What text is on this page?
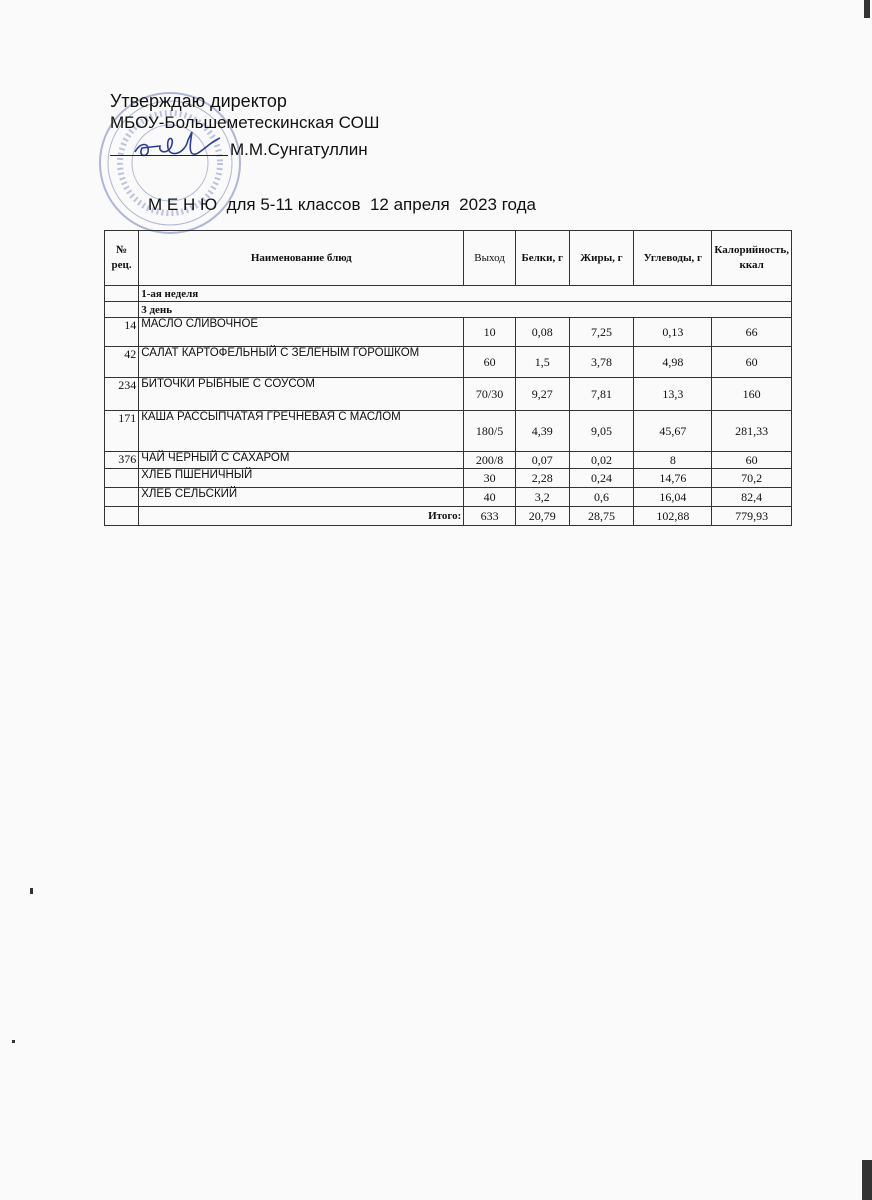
Утверждаю директор
МБОУ-Большеметескинская СОШ
М.М.Сунгатуллин
М Е Н Ю  для 5-11 классов  12 апреля  2023 года
№ рец.	Наименование блюд	Выход	Белки, г	Жиры, г	Углеводы, г	Калорийность, ккал
	1-ая неделя					
	3 день					
14	МАСЛО СЛИВОЧНОЕ	10	0,08	7,25	0,13	66
42	САЛАТ КАРТОФЕЛЬНЫЙ С ЗЕЛЕНЫМ ГОРОШКОМ	60	1,5	3,78	4,98	60
234	БИТОЧКИ РЫБНЫЕ С СОУСОМ	70/30	9,27	7,81	13,3	160
171	КАША РАССЫПЧАТАЯ ГРЕЧНЕВАЯ С МАСЛОМ	180/5	4,39	9,05	45,67	281,33
376	ЧАЙ ЧЕРНЫЙ С САХАРОМ	200/8	0,07	0,02	8	60
	ХЛЕБ ПШЕНИЧНЫЙ	30	2,28	0,24	14,76	70,2
	ХЛЕБ СЕЛЬСКИЙ	40	3,2	0,6	16,04	82,4
	Итого:	633	20,79	28,75	102,88	779,93
